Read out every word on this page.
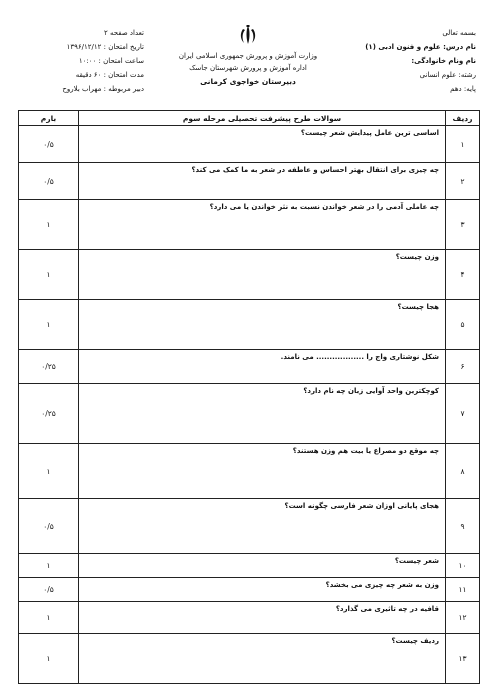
بسمه تعالی
نام درس: علوم و فنون ادبی (۱)
نام ونام خانوادگی:
رشته: علوم انسانی
پایه: دهم
وزارت آموزش و پرورش جمهوری اسلامی ایران
اداره آموزش و پرورش شهرستان جاسک
دبیرستان خواجوی کرمانی
تعداد صفحه ۲
تاریخ امتحان : ۱۳۹۶/۱۲/۱۲
ساعت امتحان : ۱۰:۰۰
مدت امتحان : ۶۰ دقیقه
دبیر مربوطه : مهراب بلاروح
ردیف	سوالات طرح پیشرفت تحصیلی مرحله سوم	بارم
۱	اساسی ترین عامل پیدایش شعر چیست؟	۰/۵
۲	چه چیزی برای انتقال بهتر احساس و عاطفه در شعر به ما کمک می کند؟	۰/۵
۳	چه عاملی آدمی را در شعر خواندن نسبت به نثر خواندن یا می دارد؟	۱
۴	وزن چیست؟	۱
۵	هجا چیست؟	۱
۶	شکل نوشتاری واج را .................. می نامند.	۰/۲۵
۷	کوچکترین واحد آوایی زبان چه نام دارد؟	۰/۲۵
۸	چه موقع دو مصراع یا بیت هم وزن هستند؟	۱
۹	هجای پایانی اوزان شعر فارسی چگونه است؟	۰/۵
۱۰	شعر چیست؟	۱
۱۱	وزن به شعر چه چیزی می بخشد؟	۰/۵
۱۲	قافیه در چه تاثیری می گذارد؟	۱
۱۳	ردیف چیست؟	۱
